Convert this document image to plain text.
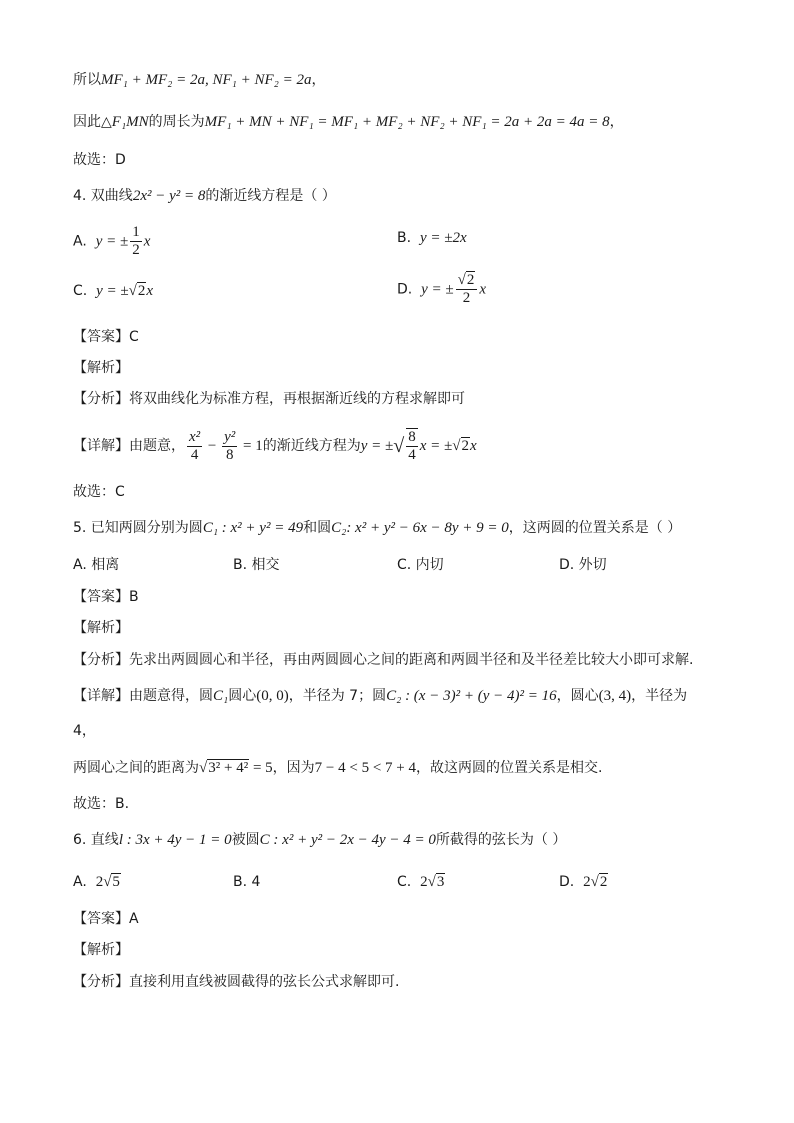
所以MF₁ + MF₂ = 2a, NF₁ + NF₂ = 2a，
因此△F₁MN的周长为MF₁ + MN + NF₁ = MF₁ + MF₂ + NF₂ + NF₁ = 2a + 2a = 4a = 8，
故选：D
4. 双曲线2x² − y² = 8的渐近线方程是（ ）
A. y = ± $\frac{1}{2}$ x	B. y = ±2x
C. y = ±√2x	D. y = ± $\frac{√2}{2}$ x
【答案】C
【解析】
【分析】将双曲线化为标准方程，再根据渐近线的方程求解即可
【详解】由题意， $\frac{\text{x²}}{4} - \frac{\text{y²}}{8} = 1$的渐近线方程为y = ±√ $\frac{8}{4}$ x = ±√2x
故选：C
5. 已知两圆分别为圆C₁ : x² + y² = 49和圆C₂: x² + y² − 6x − 8y + 9 = 0，这两圆的位置关系是（ ）
A. 相离	B. 相交	C. 内切	D. 外切
【答案】B
【解析】
【分析】先求出两圆圆心和半径，再由两圆圆心之间的距离和两圆半径和及半径差比较大小即可求解.
【详解】由题意得，圆C₁圆心(0, 0)，半径为 7；圆C₂ : (x − 3)² + (y − 4)² = 16，圆心(3, 4)，半径为
4，
两圆心之间的距离为√3² + 4² = 5，因为7 − 4 < 5 < 7 + 4，故这两圆的位置关系是相交.
故选：B.
6. 直线l : 3x + 4y − 1 = 0被圆C : x² + y² − 2x − 4y − 4 = 0所截得的弦长为（ ）
A. 2√5	B. 4	C. 2√3	D. 2√2
【答案】A
【解析】
【分析】直接利用直线被圆截得的弦长公式求解即可.
